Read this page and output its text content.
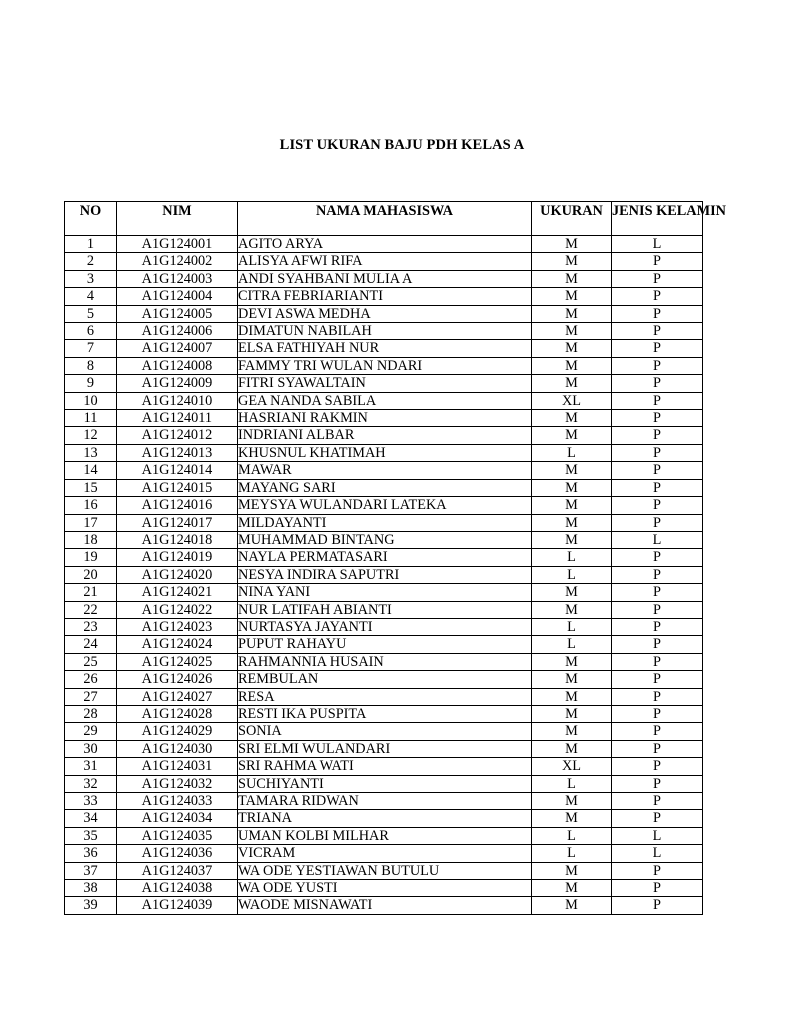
LIST UKURAN BAJU PDH KELAS A
NO	NIM	NAMA MAHASISWA	UKURAN	JENIS KELAMIN
1	A1G124001	AGITO ARYA	M	L
2	A1G124002	ALISYA AFWI RIFA	M	P
3	A1G124003	ANDI SYAHBANI MULIA A	M	P
4	A1G124004	CITRA FEBRIARIANTI	M	P
5	A1G124005	DEVI ASWA MEDHA	M	P
6	A1G124006	DIMATUN NABILAH	M	P
7	A1G124007	ELSA FATHIYAH NUR	M	P
8	A1G124008	FAMMY TRI WULAN NDARI	M	P
9	A1G124009	FITRI SYAWALTAIN	M	P
10	A1G124010	GEA NANDA SABILA	XL	P
11	A1G124011	HASRIANI RAKMIN	M	P
12	A1G124012	INDRIANI ALBAR	M	P
13	A1G124013	KHUSNUL KHATIMAH	L	P
14	A1G124014	MAWAR	M	P
15	A1G124015	MAYANG SARI	M	P
16	A1G124016	MEYSYA WULANDARI LATEKA	M	P
17	A1G124017	MILDAYANTI	M	P
18	A1G124018	MUHAMMAD BINTANG	M	L
19	A1G124019	NAYLA PERMATASARI	L	P
20	A1G124020	NESYA INDIRA SAPUTRI	L	P
21	A1G124021	NINA YANI	M	P
22	A1G124022	NUR LATIFAH ABIANTI	M	P
23	A1G124023	NURTASYA JAYANTI	L	P
24	A1G124024	PUPUT RAHAYU	L	P
25	A1G124025	RAHMANNIA HUSAIN	M	P
26	A1G124026	REMBULAN	M	P
27	A1G124027	RESA	M	P
28	A1G124028	RESTI IKA PUSPITA	M	P
29	A1G124029	SONIA	M	P
30	A1G124030	SRI ELMI WULANDARI	M	P
31	A1G124031	SRI RAHMA WATI	XL	P
32	A1G124032	SUCHIYANTI	L	P
33	A1G124033	TAMARA RIDWAN	M	P
34	A1G124034	TRIANA	M	P
35	A1G124035	UMAN KOLBI MILHAR	L	L
36	A1G124036	VICRAM	L	L
37	A1G124037	WA ODE YESTIAWAN BUTULU	M	P
38	A1G124038	WA ODE YUSTI	M	P
39	A1G124039	WAODE MISNAWATI	M	P
